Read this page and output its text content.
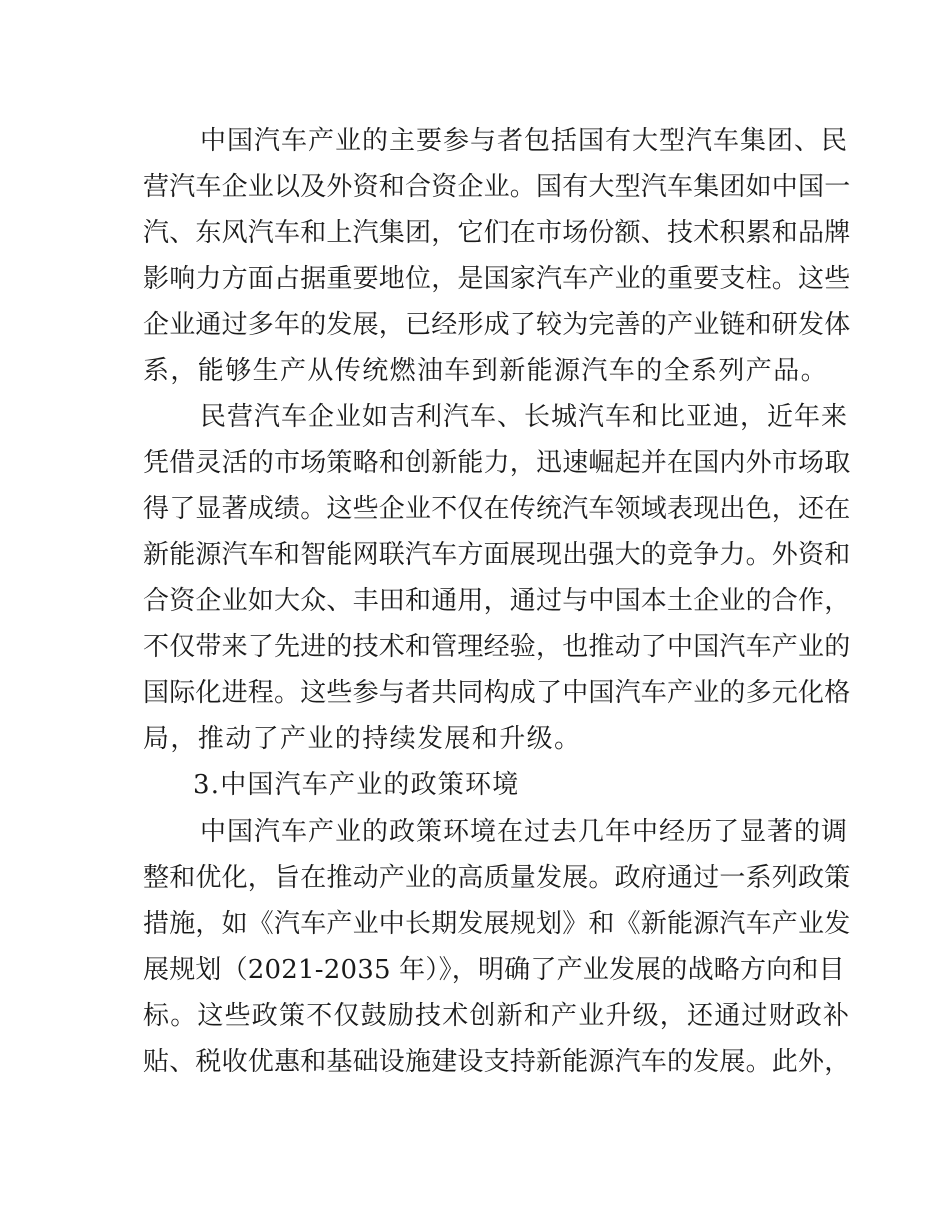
中国汽车产业的主要参与者包括国有大型汽车集团、民
营汽车企业以及外资和合资企业。国有大型汽车集团如中国一
汽、东风汽车和上汽集团，它们在市场份额、技术积累和品牌
影响力方面占据重要地位，是国家汽车产业的重要支柱。这些
企业通过多年的发展，已经形成了较为完善的产业链和研发体
系，能够生产从传统燃油车到新能源汽车的全系列产品。
民营汽车企业如吉利汽车、长城汽车和比亚迪，近年来
凭借灵活的市场策略和创新能力，迅速崛起并在国内外市场取
得了显著成绩。这些企业不仅在传统汽车领域表现出色，还在
新能源汽车和智能网联汽车方面展现出强大的竞争力。外资和
合资企业如大众、丰田和通用，通过与中国本土企业的合作，
不仅带来了先进的技术和管理经验，也推动了中国汽车产业的
国际化进程。这些参与者共同构成了中国汽车产业的多元化格
局，推动了产业的持续发展和升级。
3.中国汽车产业的政策环境
中国汽车产业的政策环境在过去几年中经历了显著的调
整和优化，旨在推动产业的高质量发展。政府通过一系列政策
措施，如《汽车产业中长期发展规划》和《新能源汽车产业发
展规划（2021-2035 年）》，明确了产业发展的战略方向和目
标。这些政策不仅鼓励技术创新和产业升级，还通过财政补
贴、税收优惠和基础设施建设支持新能源汽车的发展。此外，
